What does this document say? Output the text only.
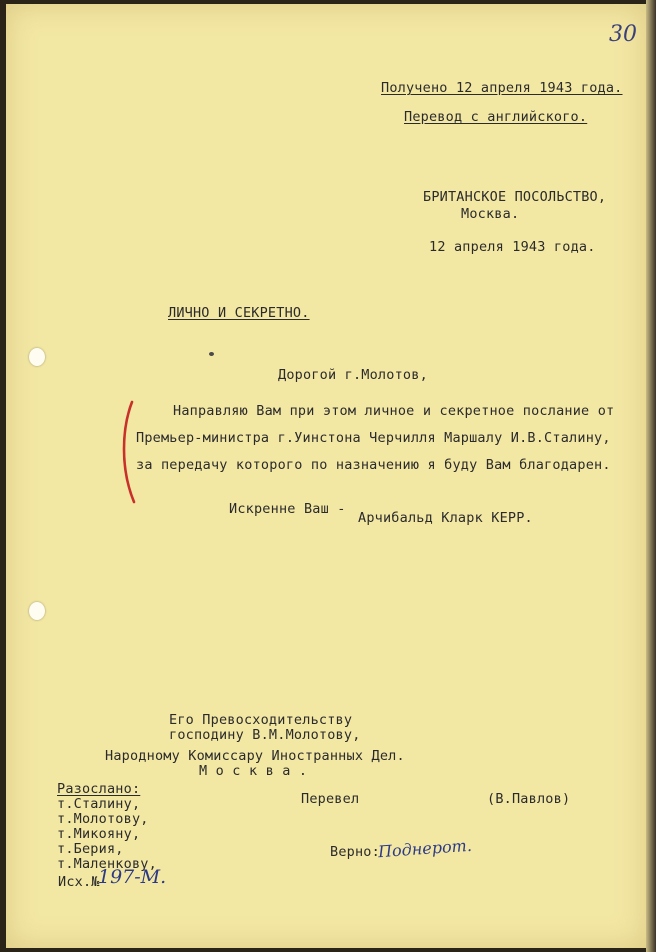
30
Получено 12 апреля 1943 года.
Перевод с английского.
БРИТАНСКОЕ ПОСОЛЬСТВО,
Москва.
12 апреля 1943 года.
ЛИЧНО И СЕКРЕТНО.
Дорогой г.Молотов,
Направляю Вам при этом личное и секретное послание от
Премьер-министра г.Уинстона Черчилля Маршалу И.В.Сталину,
за передачу которого по назначению я буду Вам благодарен.
Искренне Ваш -
Арчибальд Кларк КЕРР.
Его Превосходительству
господину В.М.Молотову,
Народному Комиссару Иностранных Дел.
М о с к в а .
Разослано:
т.Сталину,
т.Молотову,
т.Микояну,
т.Берия,
т.Маленкову,
Перевел	(В.Павлов)
Верно:
Поднерот.
Исх.№
197-М.
